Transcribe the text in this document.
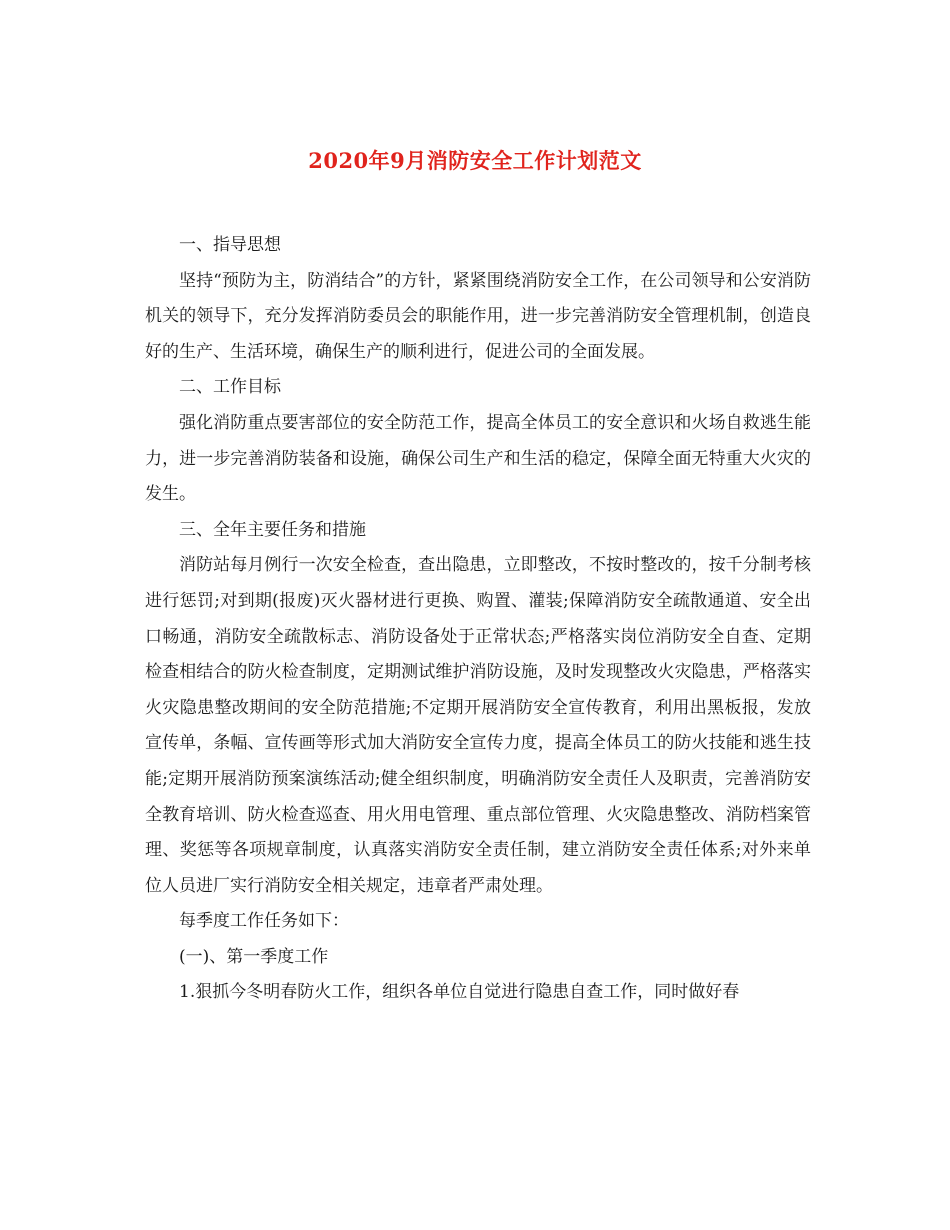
2020年9月消防安全工作计划范文

一、指导思想

坚持“预防为主，防消结合”的方针，紧紧围绕消防安全工作，在公司领导和公安消防机关的领导下，充分发挥消防委员会的职能作用，进一步完善消防安全管理机制，创造良好的生产、生活环境，确保生产的顺利进行，促进公司的全面发展。

二、工作目标

强化消防重点要害部位的安全防范工作，提高全体员工的安全意识和火场自救逃生能力，进一步完善消防装备和设施，确保公司生产和生活的稳定，保障全面无特重大火灾的发生。

三、全年主要任务和措施

消防站每月例行一次安全检查，查出隐患，立即整改，不按时整改的，按千分制考核进行惩罚;对到期(报废)灭火器材进行更换、购置、灌装;保障消防安全疏散通道、安全出口畅通，消防安全疏散标志、消防设备处于正常状态;严格落实岗位消防安全自查、定期检查相结合的防火检查制度，定期测试维护消防设施，及时发现整改火灾隐患，严格落实火灾隐患整改期间的安全防范措施;不定期开展消防安全宣传教育，利用出黑板报，发放宣传单，条幅、宣传画等形式加大消防安全宣传力度，提高全体员工的防火技能和逃生技能;定期开展消防预案演练活动;健全组织制度，明确消防安全责任人及职责，完善消防安全教育培训、防火检查巡查、用火用电管理、重点部位管理、火灾隐患整改、消防档案管理、奖惩等各项规章制度，认真落实消防安全责任制，建立消防安全责任体系;对外来单位人员进厂实行消防安全相关规定，违章者严肃处理。

每季度工作任务如下：

(一)、第一季度工作

1.狠抓今冬明春防火工作，组织各单位自觉进行隐患自查工作，同时做好春
